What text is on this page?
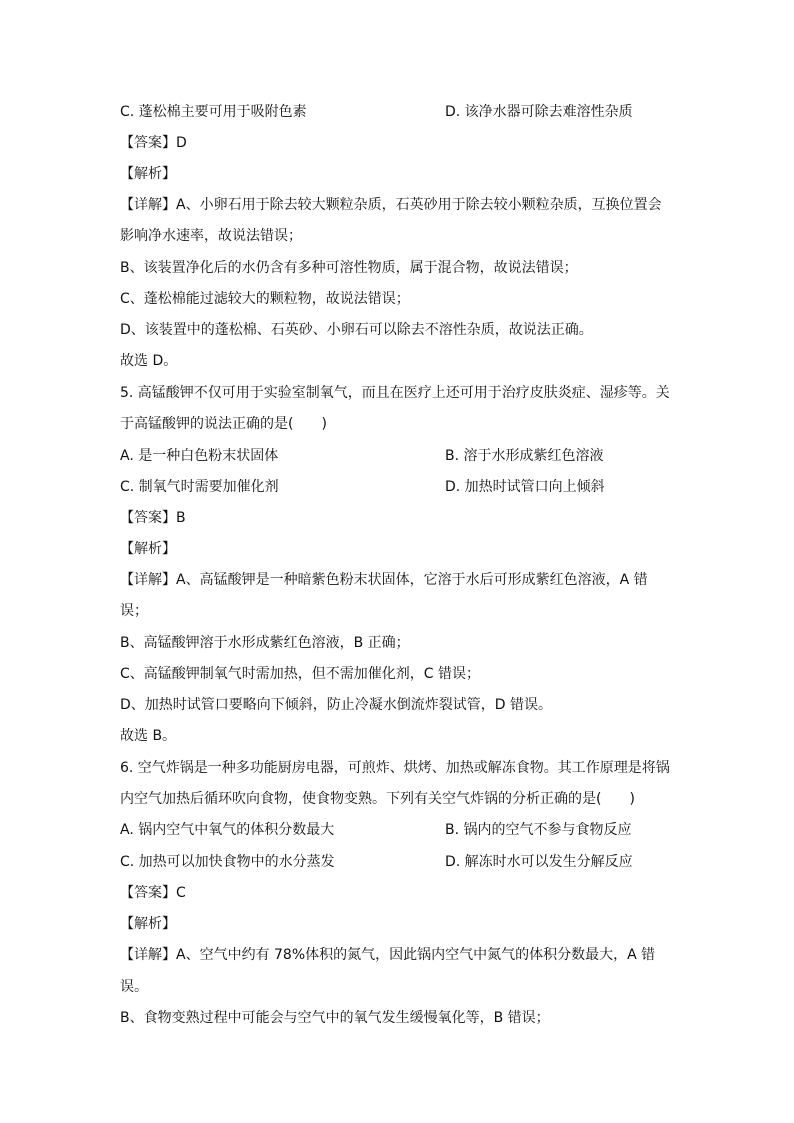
C. 蓬松棉主要可用于吸附色素	D. 该净水器可除去难溶性杂质
【答案】D
【解析】
【详解】A、小卵石用于除去较大颗粒杂质，石英砂用于除去较小颗粒杂质，互换位置会
影响净水速率，故说法错误；
B、该装置净化后的水仍含有多种可溶性物质，属于混合物，故说法错误；
C、蓬松棉能过滤较大的颗粒物，故说法错误；
D、该装置中的蓬松棉、石英砂、小卵石可以除去不溶性杂质，故说法正确。
故选 D。
5. 高锰酸钾不仅可用于实验室制氧气，而且在医疗上还可用于治疗皮肤炎症、湿疹等。关
于高锰酸钾的说法正确的是(　　)
A. 是一种白色粉末状固体	B. 溶于水形成紫红色溶液
C. 制氧气时需要加催化剂	D. 加热时试管口向上倾斜
【答案】B
【解析】
【详解】A、高锰酸钾是一种暗紫色粉末状固体，它溶于水后可形成紫红色溶液，A 错
误；
B、高锰酸钾溶于水形成紫红色溶液，B 正确；
C、高锰酸钾制氧气时需加热，但不需加催化剂，C 错误；
D、加热时试管口要略向下倾斜，防止冷凝水倒流炸裂试管，D 错误。
故选 B。
6. 空气炸锅是一种多功能厨房电器，可煎炸、烘烤、加热或解冻食物。其工作原理是将锅
内空气加热后循环吹向食物，使食物变熟。下列有关空气炸锅的分析正确的是(　　)
A. 锅内空气中氧气的体积分数最大	B. 锅内的空气不参与食物反应
C. 加热可以加快食物中的水分蒸发	D. 解冻时水可以发生分解反应
【答案】C
【解析】
【详解】A、空气中约有 78%体积的氮气，因此锅内空气中氮气的体积分数最大，A 错
误。
B、食物变熟过程中可能会与空气中的氧气发生缓慢氧化等，B 错误；
